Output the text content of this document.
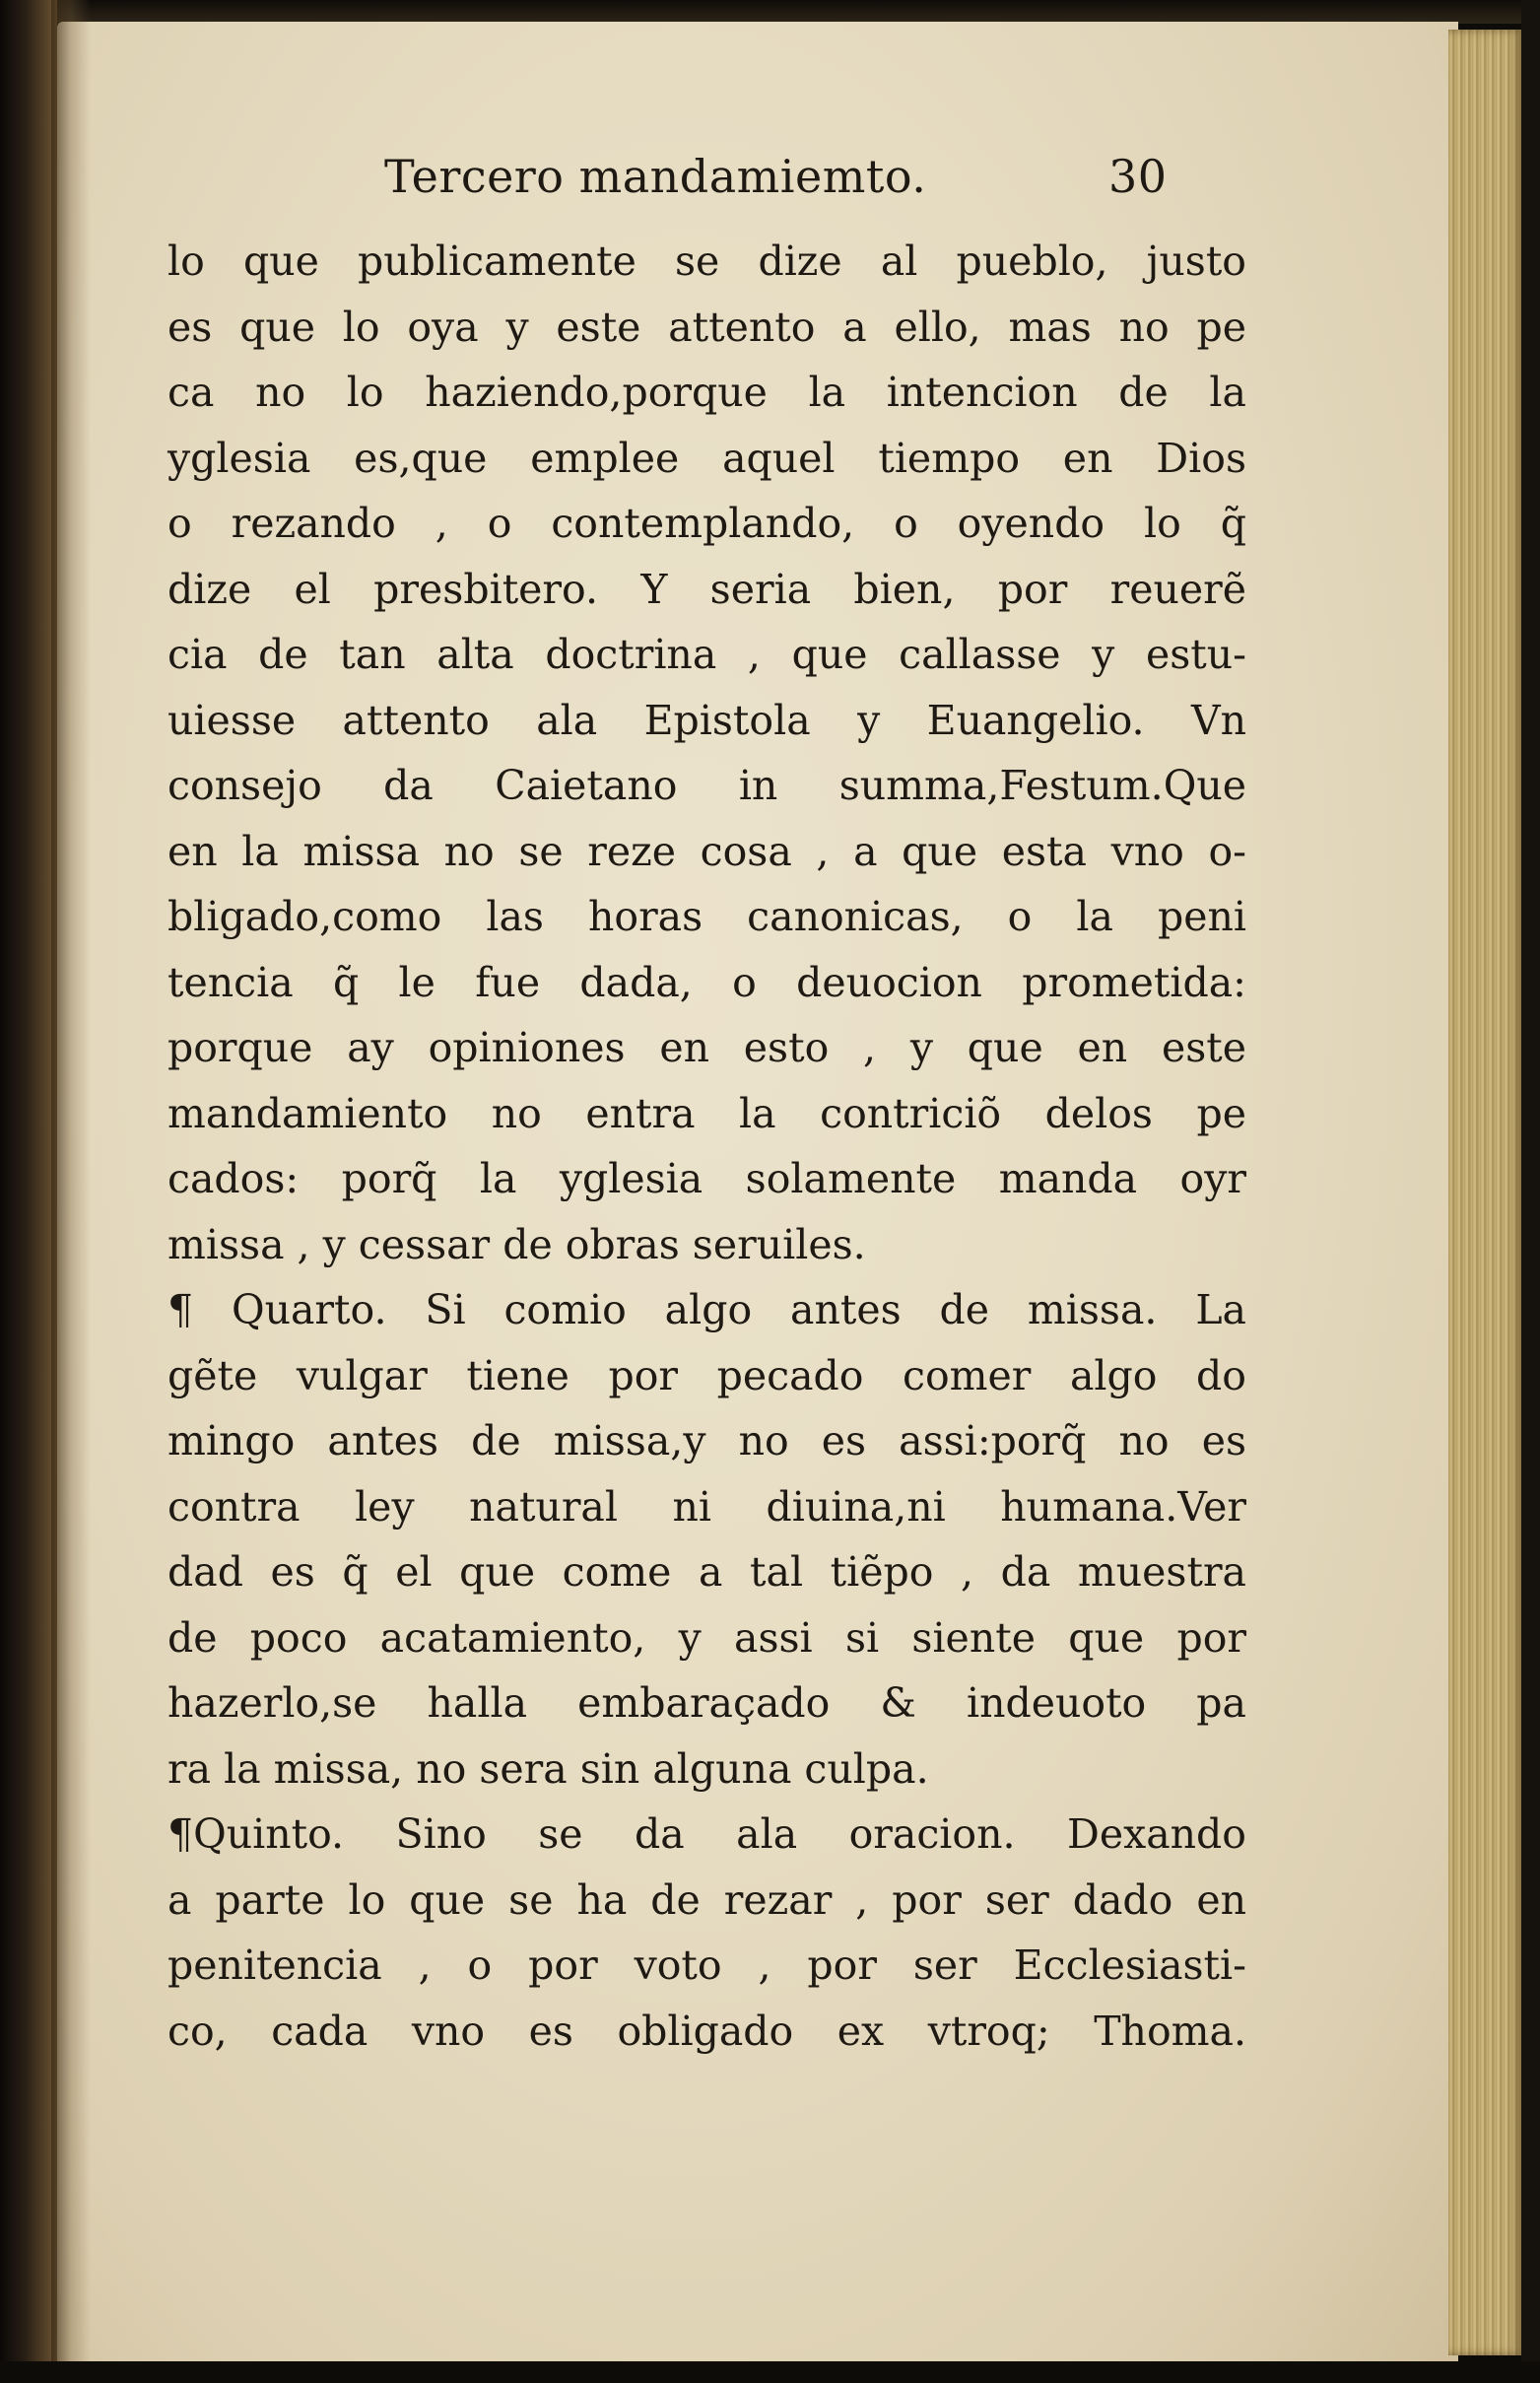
Tercero mandamiemto.	30
lo que publicamente se dize al pueblo, justo
es que lo oya y este attento a ello, mas no pe
ca no lo haziendo,porque la intencion de la
yglesia es,que emplee aquel tiempo en Dios
o rezando , o contemplando, o oyendo lo q̃
dize el presbitero. Y seria bien, por reuerẽ
cia de tan alta doctrina , que callasse y estu-
uiesse attento ala Epistola y Euangelio. Vn
consejo da Caietano in summa,Festum.Que
en la missa no se reze cosa , a que esta vno o-
bligado,como las horas canonicas, o la peni
tencia q̃ le fue dada, o deuocion prometida:
porque ay opiniones en esto , y que en este
mandamiento no entra la contriciõ delos pe
cados: porq̃ la yglesia solamente manda oyr
missa , y cessar de obras seruiles.
¶ Quarto. Si comio algo antes de missa. La
gẽte vulgar tiene por pecado comer algo do
mingo antes de missa,y no es assi:porq̃ no es
contra ley natural ni diuina,ni humana.Ver
dad es q̃ el que come a tal tiẽpo , da muestra
de poco acatamiento, y assi si siente que por
hazerlo,se halla embaraçado & indeuoto pa
ra la missa, no sera sin alguna culpa.
¶Quinto. Sino se da ala oracion. Dexando
a parte lo que se ha de rezar , por ser dado en
penitencia , o por voto , por ser Ecclesiasti-
co, cada vno es obligado ex vtroq; Thoma.
